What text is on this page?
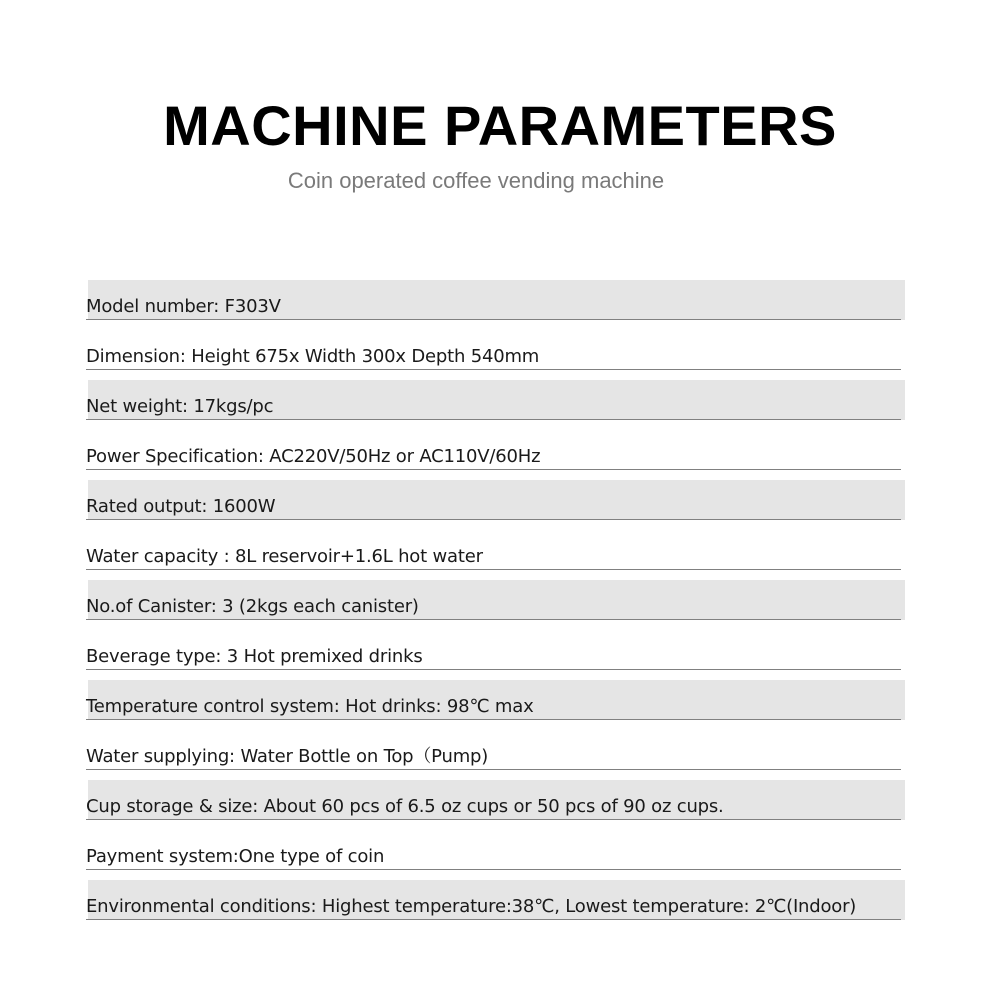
MACHINE PARAMETERS
Coin operated coffee vending machine
Model number: F303V
Dimension: Height 675x Width 300x Depth 540mm
Net weight: 17kgs/pc
Power Specification: AC220V/50Hz or AC110V/60Hz
Rated output: 1600W
Water capacity : 8L reservoir+1.6L hot water
No.of Canister: 3 (2kgs each canister)
Beverage type: 3 Hot premixed drinks
Temperature control system: Hot drinks: 98℃ max
Water supplying: Water Bottle on Top（Pump)
Cup storage & size: About 60 pcs of 6.5 oz cups or 50 pcs of 90 oz cups.
Payment system:One type of coin
Environmental conditions: Highest temperature:38℃, Lowest temperature: 2℃(Indoor)
